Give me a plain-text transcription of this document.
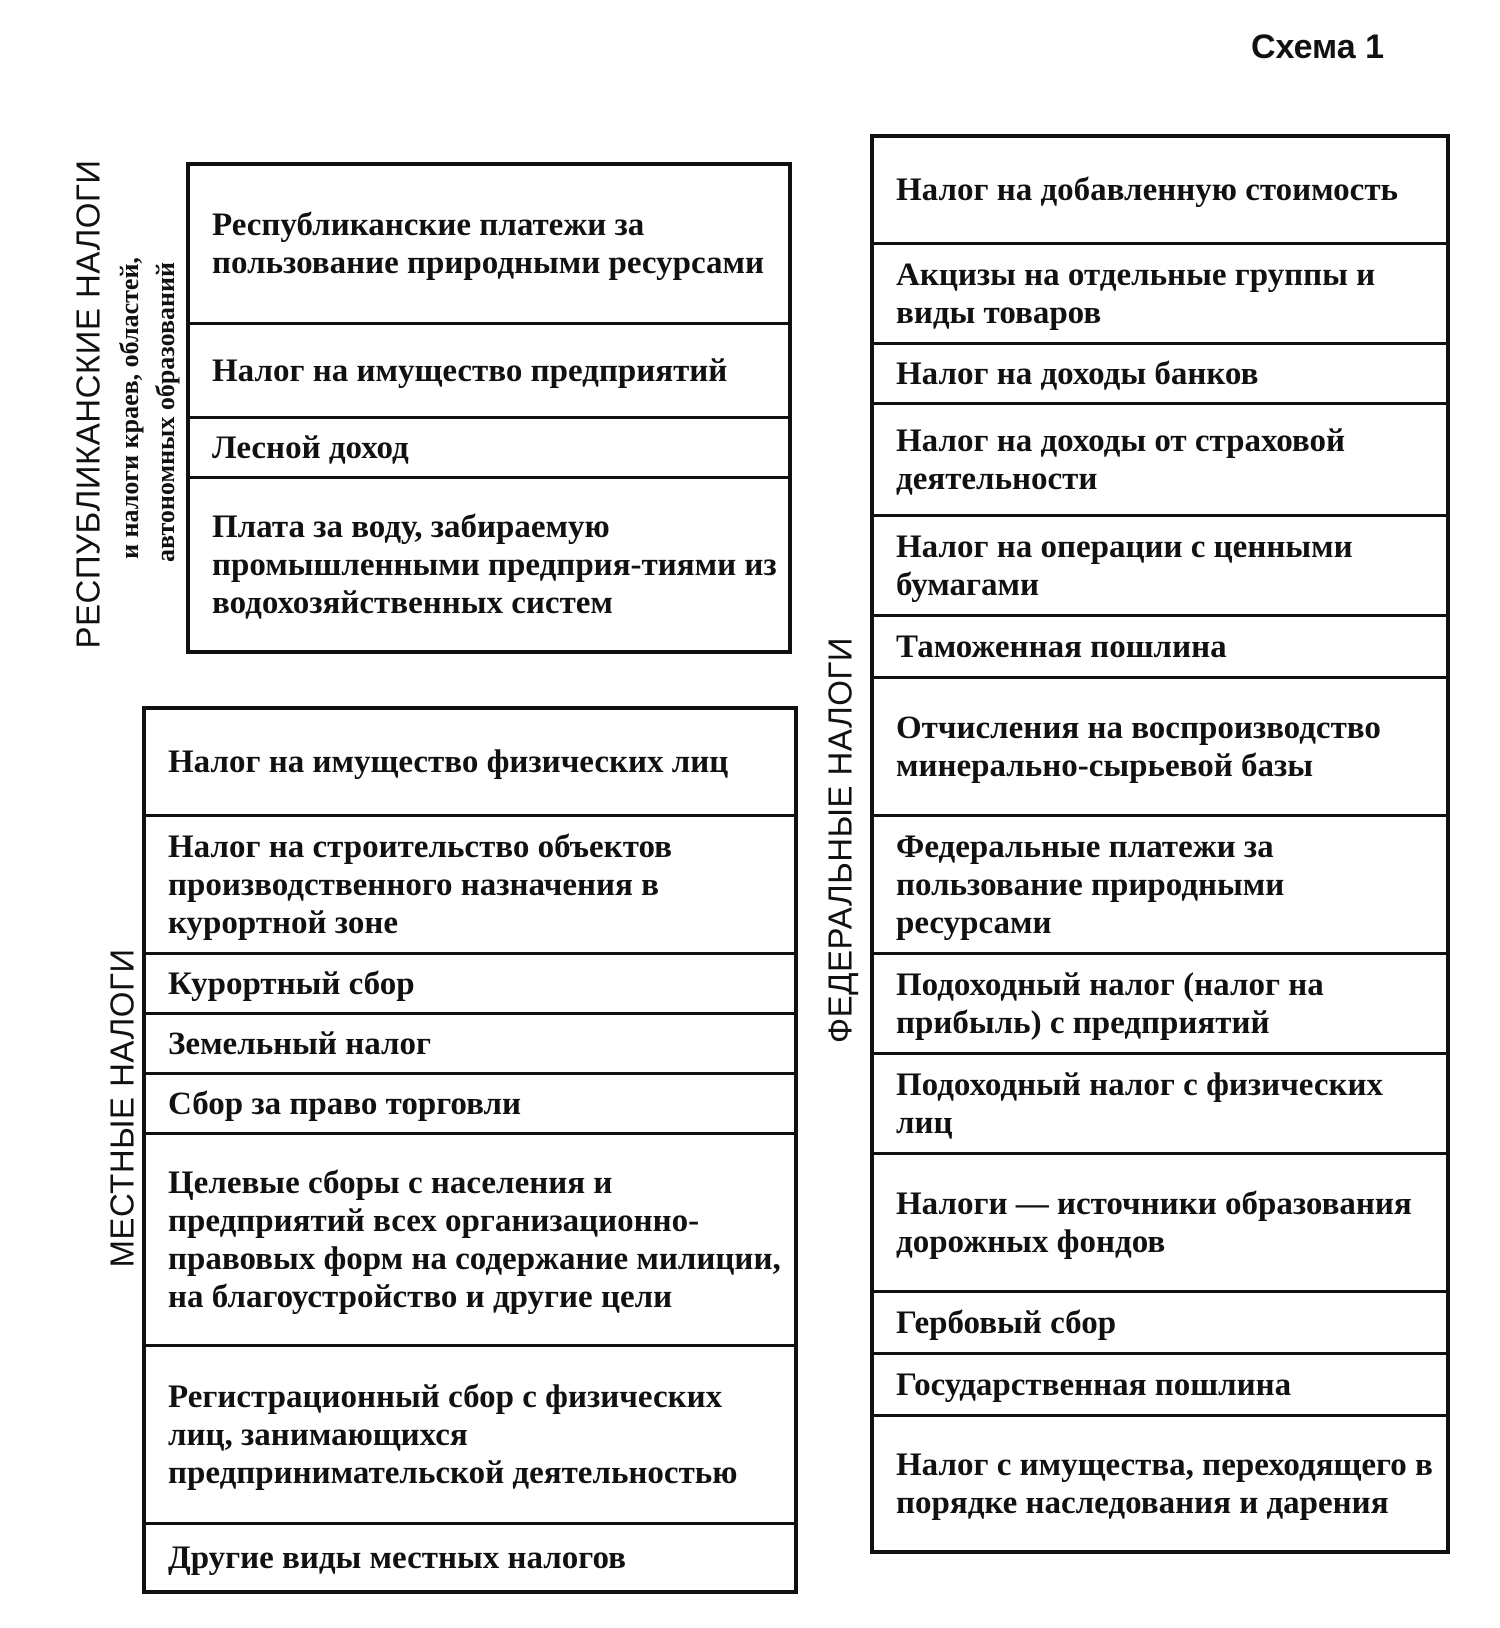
Схема 1
РЕСПУБЛИКАНСКИЕ НАЛОГИ и налоги краев, областей, автономных образований
Республиканские платежи за пользование природными ресурсами
Налог на имущество предприятий
Лесной доход
Плата за воду, забираемую промышленными предприя-тиями из водохозяйственных систем
МЕСТНЫЕ НАЛОГИ
Налог на имущество физических лиц
Налог на строительство объектов производственного назначения в курортной зоне
Курортный сбор
Земельный налог
Сбор за право торговли
Целевые сборы с населения и предприятий всех организационно-правовых форм на содержание милиции, на благоустройство и другие цели
Регистрационный сбор с физических лиц, занимающихся предпринимательской деятельностью
Другие виды местных налогов
ФЕДЕРАЛЬНЫЕ НАЛОГИ
Налог на добавленную стоимость
Акцизы на отдельные группы и виды товаров
Налог на доходы банков
Налог на доходы от страховой деятельности
Налог на операции с ценными бумагами
Таможенная пошлина
Отчисления на воспроизводство минерально-сырьевой базы
Федеральные платежи за пользование природными ресурсами
Подоходный налог (налог на прибыль) с предприятий
Подоходный налог с физических лиц
Налоги — источники образования дорожных фондов
Гербовый сбор
Государственная пошлина
Налог с имущества, переходящего в порядке наследования и дарения
